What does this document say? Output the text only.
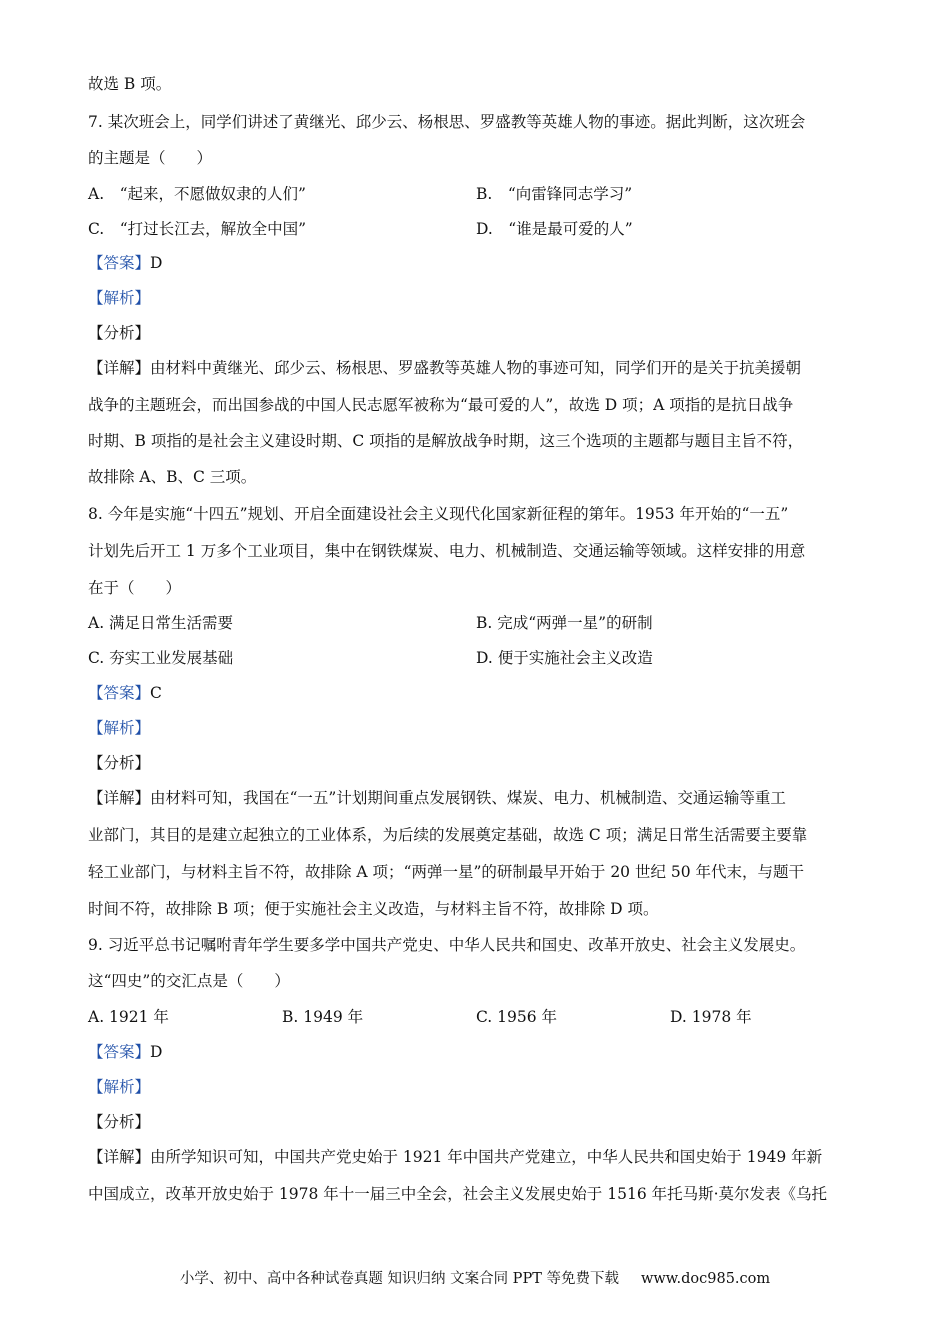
故选 B 项。
7. 某次班会上，同学们讲述了黄继光、邱少云、杨根思、罗盛教等英雄人物的事迹。据此判断，这次班会
的主题是（　　）
A.　“起来，不愿做奴隶的人们”	B.　“向雷锋同志学习”
C.　“打过长江去，解放全中国”	D.　“谁是最可爱的人”
【答案】D
【解析】
【分析】
【详解】由材料中黄继光、邱少云、杨根思、罗盛教等英雄人物的事迹可知，同学们开的是关于抗美援朝
战争的主题班会，而出国参战的中国人民志愿军被称为“最可爱的人”，故选 D 项；A 项指的是抗日战争
时期、B 项指的是社会主义建设时期、C 项指的是解放战争时期，这三个选项的主题都与题目主旨不符，
故排除 A、B、C 三项。
8. 今年是实施“十四五”规划、开启全面建设社会主义现代化国家新征程的第年。1953 年开始的“一五”
计划先后开工 1 万多个工业项目，集中在钢铁煤炭、电力、机械制造、交通运输等领域。这样安排的用意
在于（　　）
A. 满足日常生活需要	B. 完成“两弹一星”的研制
C. 夯实工业发展基础	D. 便于实施社会主义改造
【答案】C
【解析】
【分析】
【详解】由材料可知，我国在“一五”计划期间重点发展钢铁、煤炭、电力、机械制造、交通运输等重工
业部门，其目的是建立起独立的工业体系，为后续的发展奠定基础，故选 C 项；满足日常生活需要主要靠
轻工业部门，与材料主旨不符，故排除 A 项；“两弹一星”的研制最早开始于 20 世纪 50 年代末，与题干
时间不符，故排除 B 项；便于实施社会主义改造，与材料主旨不符，故排除 D 项。
9. 习近平总书记嘱咐青年学生要多学中国共产党史、中华人民共和国史、改革开放史、社会主义发展史。
这“四史”的交汇点是（　　）
A. 1921 年	B. 1949 年	C. 1956 年	D. 1978 年
【答案】D
【解析】
【分析】
【详解】由所学知识可知，中国共产党史始于 1921 年中国共产党建立，中华人民共和国史始于 1949 年新
中国成立，改革开放史始于 1978 年十一届三中全会，社会主义发展史始于 1516 年托马斯·莫尔发表《乌托
小学、初中、高中各种试卷真题 知识归纳 文案合同 PPT 等免费下载 www.doc985.com
